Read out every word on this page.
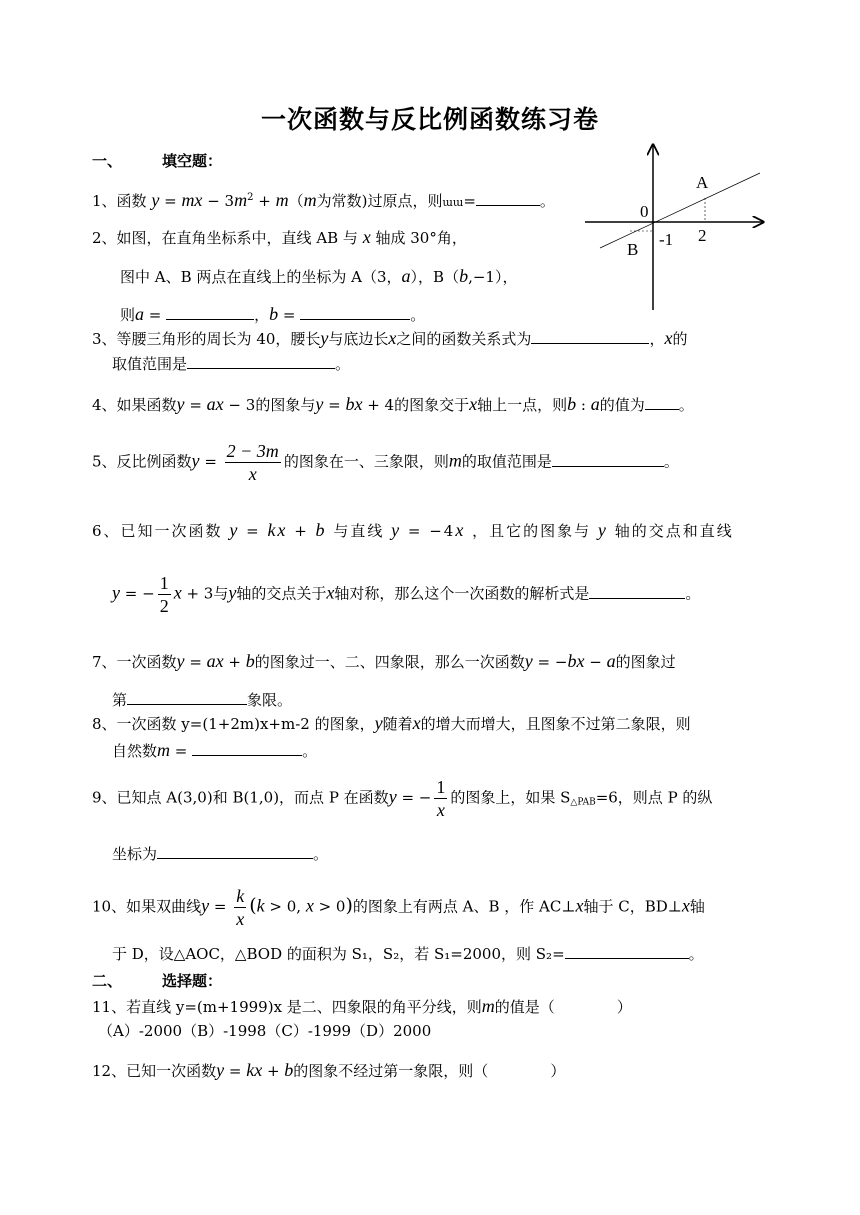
一次函数与反比例函数练习卷
一、	填空题：
A
0
-1 2
B
1、函数 y = mx − $3m^2 + m(m$为常数)过原点，则ɯɯ=	。
2、如图，在直角坐标系中，直线 AB 与 x 轴成 30°角，
图中 A、B 两点在直线上的坐标为 A（3，a），B（b,−1），
则a =	，b =	。
3、等腰三角形的周长为 40，腰长y与底边长x之间的函数关系式为	，x的
取值范围是	。
4、如果函数y = ax − 3的图象与y = bx + 4的图象交于x轴上一点，则b : a的值为 。
5、反比例函数$y = \frac{2 - 3m}{x}$ 的图象在一、三象限，则m的取值范围是	。
6、已知一次函数 y = kx + b 与直线 y = −4x ，且它的图象与 y 轴的交点和直线
y = − $\frac{1}{2}$ x + 3与y轴的交点关于x轴对称，那么这个一次函数的解析式是	。
7、一次函数y = ax + b的图象过一、二、四象限，那么一次函数y = −bx − a的图象过
第	象限。
8、一次函数 y=(1+2m)x+m-2 的图象，y随着x的增大而增大，且图象不过第二象限，则
自然数m =	。
9、已知点 A(3,0)和 B(1,0)，而点 P 在函数y = − $\frac{1}{x}$ 的图象上，如果 $S_{\triangle PAB}=6$，则点 P 的纵
坐标为	。
10、如果双曲线$y = \frac{k}{x} (k > 0$, x > 0)的图象上有两点 A、B ，作 AC⊥x轴于 C，BD⊥x轴
于 D，设△AOC，△BOD 的面积为 S₁，S₂，若 S₁=2000，则 S₂=	。
二、	选择题：
11、若直线 y=(m+1999)x 是二、四象限的角平分线，则m的值是（	）
（A）-2000（B）-1998（C）-1999（D）2000
12、已知一次函数y = kx + b的图象不经过第一象限，则（	）
